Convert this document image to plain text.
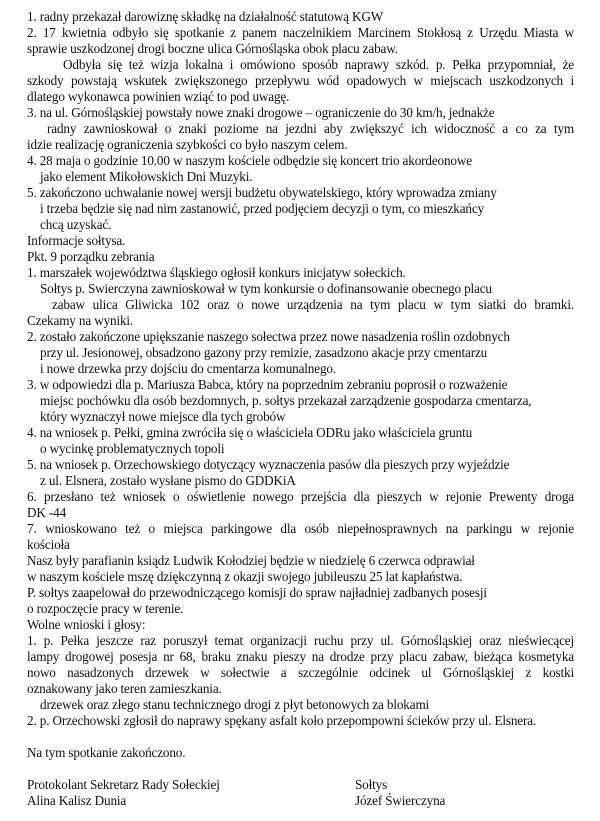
1. radny przekazał darowiznę składkę na działalność statutową KGW
2. 17 kwietnia odbyło się spotkanie z panem naczelnikiem Marcinem Stokłosą z Urzędu Miasta w
sprawie uszkodzonej drogi boczne ulica Górnośląska obok placu zabaw.
Odbyła się też wizja lokalna i omówiono sposób naprawy szkód. p. Pełka przypomniał, że
szkody powstają wskutek zwiększonego przepływu wód opadowych w miejscach uszkodzonych i
dlatego wykonawca powinien wziąć to pod uwagę.
3. na ul. Górnośląskiej powstały nowe znaki drogowe – ograniczenie do 30 km/h, jednakże
radny zawnioskował o znaki poziome na jezdni aby zwiększyć ich widoczność a co za tym
idzie realizację ograniczenia szybkości co było naszym celem.
4. 28 maja o godzinie 10.00 w naszym kościele odbędzie się koncert trio akordeonowe
jako element Mikołowskich Dni Muzyki.
5. zakończono uchwalanie nowej wersji budżetu obywatelskiego, który wprowadza zmiany
i trzeba będzie się nad nim zastanowić, przed podjęciem decyzji o tym, co mieszkańcy
chcą uzyskać.
Informacje sołtysa.
Pkt. 9 porządku zebrania
1. marszałek województwa śląskiego ogłosił konkurs inicjatyw sołeckich.
Sołtys p. Swierczyna zawnioskował w tym konkursie o dofinansowanie obecnego placu
zabaw ulica Gliwicka 102 oraz o nowe urządzenia na tym placu w tym siatki do bramki.
Czekamy na wyniki.
2. zostało zakończone upiększanie naszego sołectwa przez nowe nasadzenia roślin ozdobnych
przy ul. Jesionowej, obsadzono gazony przy remizie, zasadzono akacje przy cmentarzu
i nowe drzewka przy dojściu do cmentarza komunalnego.
3. w odpowiedzi dla p. Mariusza Babca, który na poprzednim zebraniu poprosił o rozważenie
miejsc pochówku dla osób bezdomnych, p. sołtys przekazał zarządzenie gospodarza cmentarza,
który wyznaczył nowe miejsce dla tych grobów
4. na wniosek p. Pełki, gmina zwróciła się o właściciela ODRu jako właściciela gruntu
o wycinkę problematycznych topoli
5. na wniosek p. Orzechowskiego dotyczący wyznaczenia pasów dla pieszych przy wyjeździe
z ul. Elsnera, zostało wysłane pismo do GDDKiA
6. przesłano też wniosek o oświetlenie nowego przejścia dla pieszych w rejonie Prewenty droga
DK -44
7. wnioskowano też o miejsca parkingowe dla osób niepełnosprawnych na parkingu w rejonie
kościoła
Nasz były parafianin ksiądz Ludwik Kołodziej będzie w niedzielę 6 czerwca odprawiał
w naszym kościele mszę dziękczynną z okazji swojego jubileuszu 25 lat kapłaństwa.
P. sołtys zaapelował do przewodniczącego komisji do spraw najładniej zadbanych posesji
o rozpoczęcie pracy w terenie.
Wolne wnioski i głosy:
1. p. Pełka jeszcze raz poruszył temat organizacji ruchu przy ul. Górnośląskiej oraz nieświecącej
lampy drogowej posesja nr 68, braku znaku pieszy na drodze przy placu zabaw, bieżąca kosmetyka
nowo nasadzonych drzewek w sołectwie a szczególnie odcinek ul Górnośląskiej z kostki
oznakowany jako teren zamieszkania.
drzewek oraz złego stanu technicznego drogi z płyt betonowych za blokami
2. p. Orzechowski zgłosił do naprawy spękany asfalt koło przepompowni ścieków przy ul. Elsnera.
Na tym spotkanie zakończono.
Protokolant Sekretarz Rady Sołeckiej
Alina Kalisz Dunia
Sołtys
Józef Świerczyna
